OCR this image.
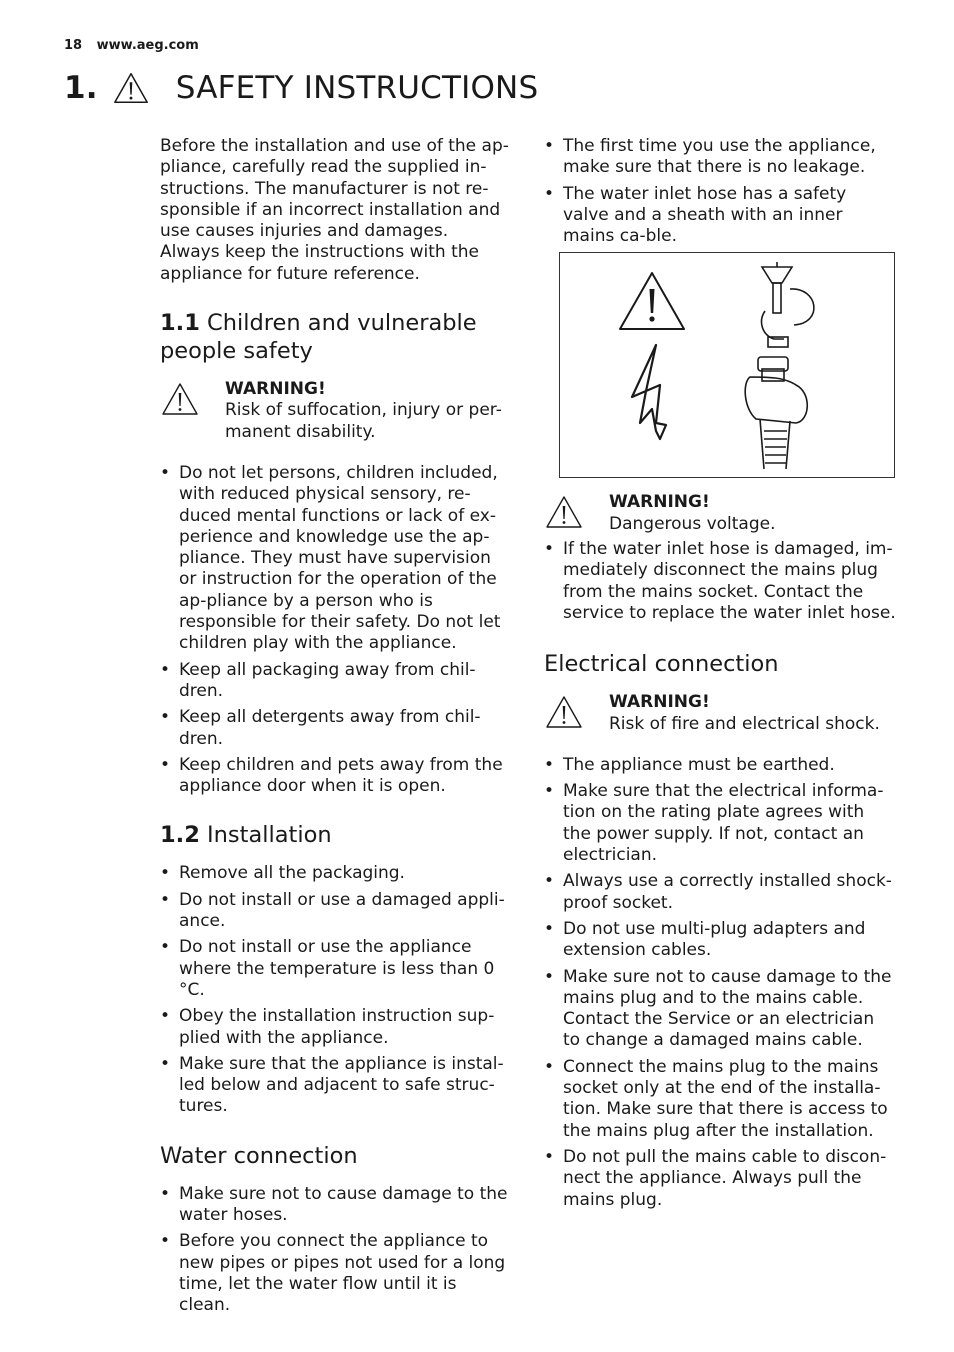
18 www.aeg.com
1.	SAFETY INSTRUCTIONS

Before the installation and use of the ap-pliance, carefully read the supplied in-structions. The manufacturer is not re-sponsible if an incorrect installation and use causes injuries and damages. Always keep the instructions with the appliance for future reference.

1.1 Children and vulnerable people safety
WARNING!
Risk of suffocation, injury or per-manent disability.
• Do not let persons, children included, with reduced physical sensory, re-duced mental functions or lack of ex-perience and knowledge use the ap-pliance. They must have supervision or instruction for the operation of the ap-pliance by a person who is responsible for their safety. Do not let children play with the appliance.
• Keep all packaging away from chil-dren.
• Keep all detergents away from chil-dren.
• Keep children and pets away from the appliance door when it is open.
1.2 Installation
• Remove all the packaging.
• Do not install or use a damaged appli-ance.
• Do not install or use the appliance where the temperature is less than 0 °C.
• Obey the installation instruction sup-plied with the appliance.
• Make sure that the appliance is instal-led below and adjacent to safe struc-tures.
Water connection
• Make sure not to cause damage to the water hoses.
• Before you connect the appliance to new pipes or pipes not used for a long time, let the water flow until it is clean.
• The first time you use the appliance, make sure that there is no leakage.
• The water inlet hose has a safety valve and a sheath with an inner mains ca-ble.
WARNING!
Dangerous voltage.
• If the water inlet hose is damaged, im-mediately disconnect the mains plug from the mains socket. Contact the service to replace the water inlet hose.
Electrical connection
WARNING!
Risk of fire and electrical shock.
• The appliance must be earthed.
• Make sure that the electrical informa-tion on the rating plate agrees with the power supply. If not, contact an electrician.
• Always use a correctly installed shock-proof socket.
• Do not use multi-plug adapters and extension cables.
• Make sure not to cause damage to the mains plug and to the mains cable. Contact the Service or an electrician to change a damaged mains cable.
• Connect the mains plug to the mains socket only at the end of the installa-tion. Make sure that there is access to the mains plug after the installation.
• Do not pull the mains cable to discon-nect the appliance. Always pull the mains plug.
